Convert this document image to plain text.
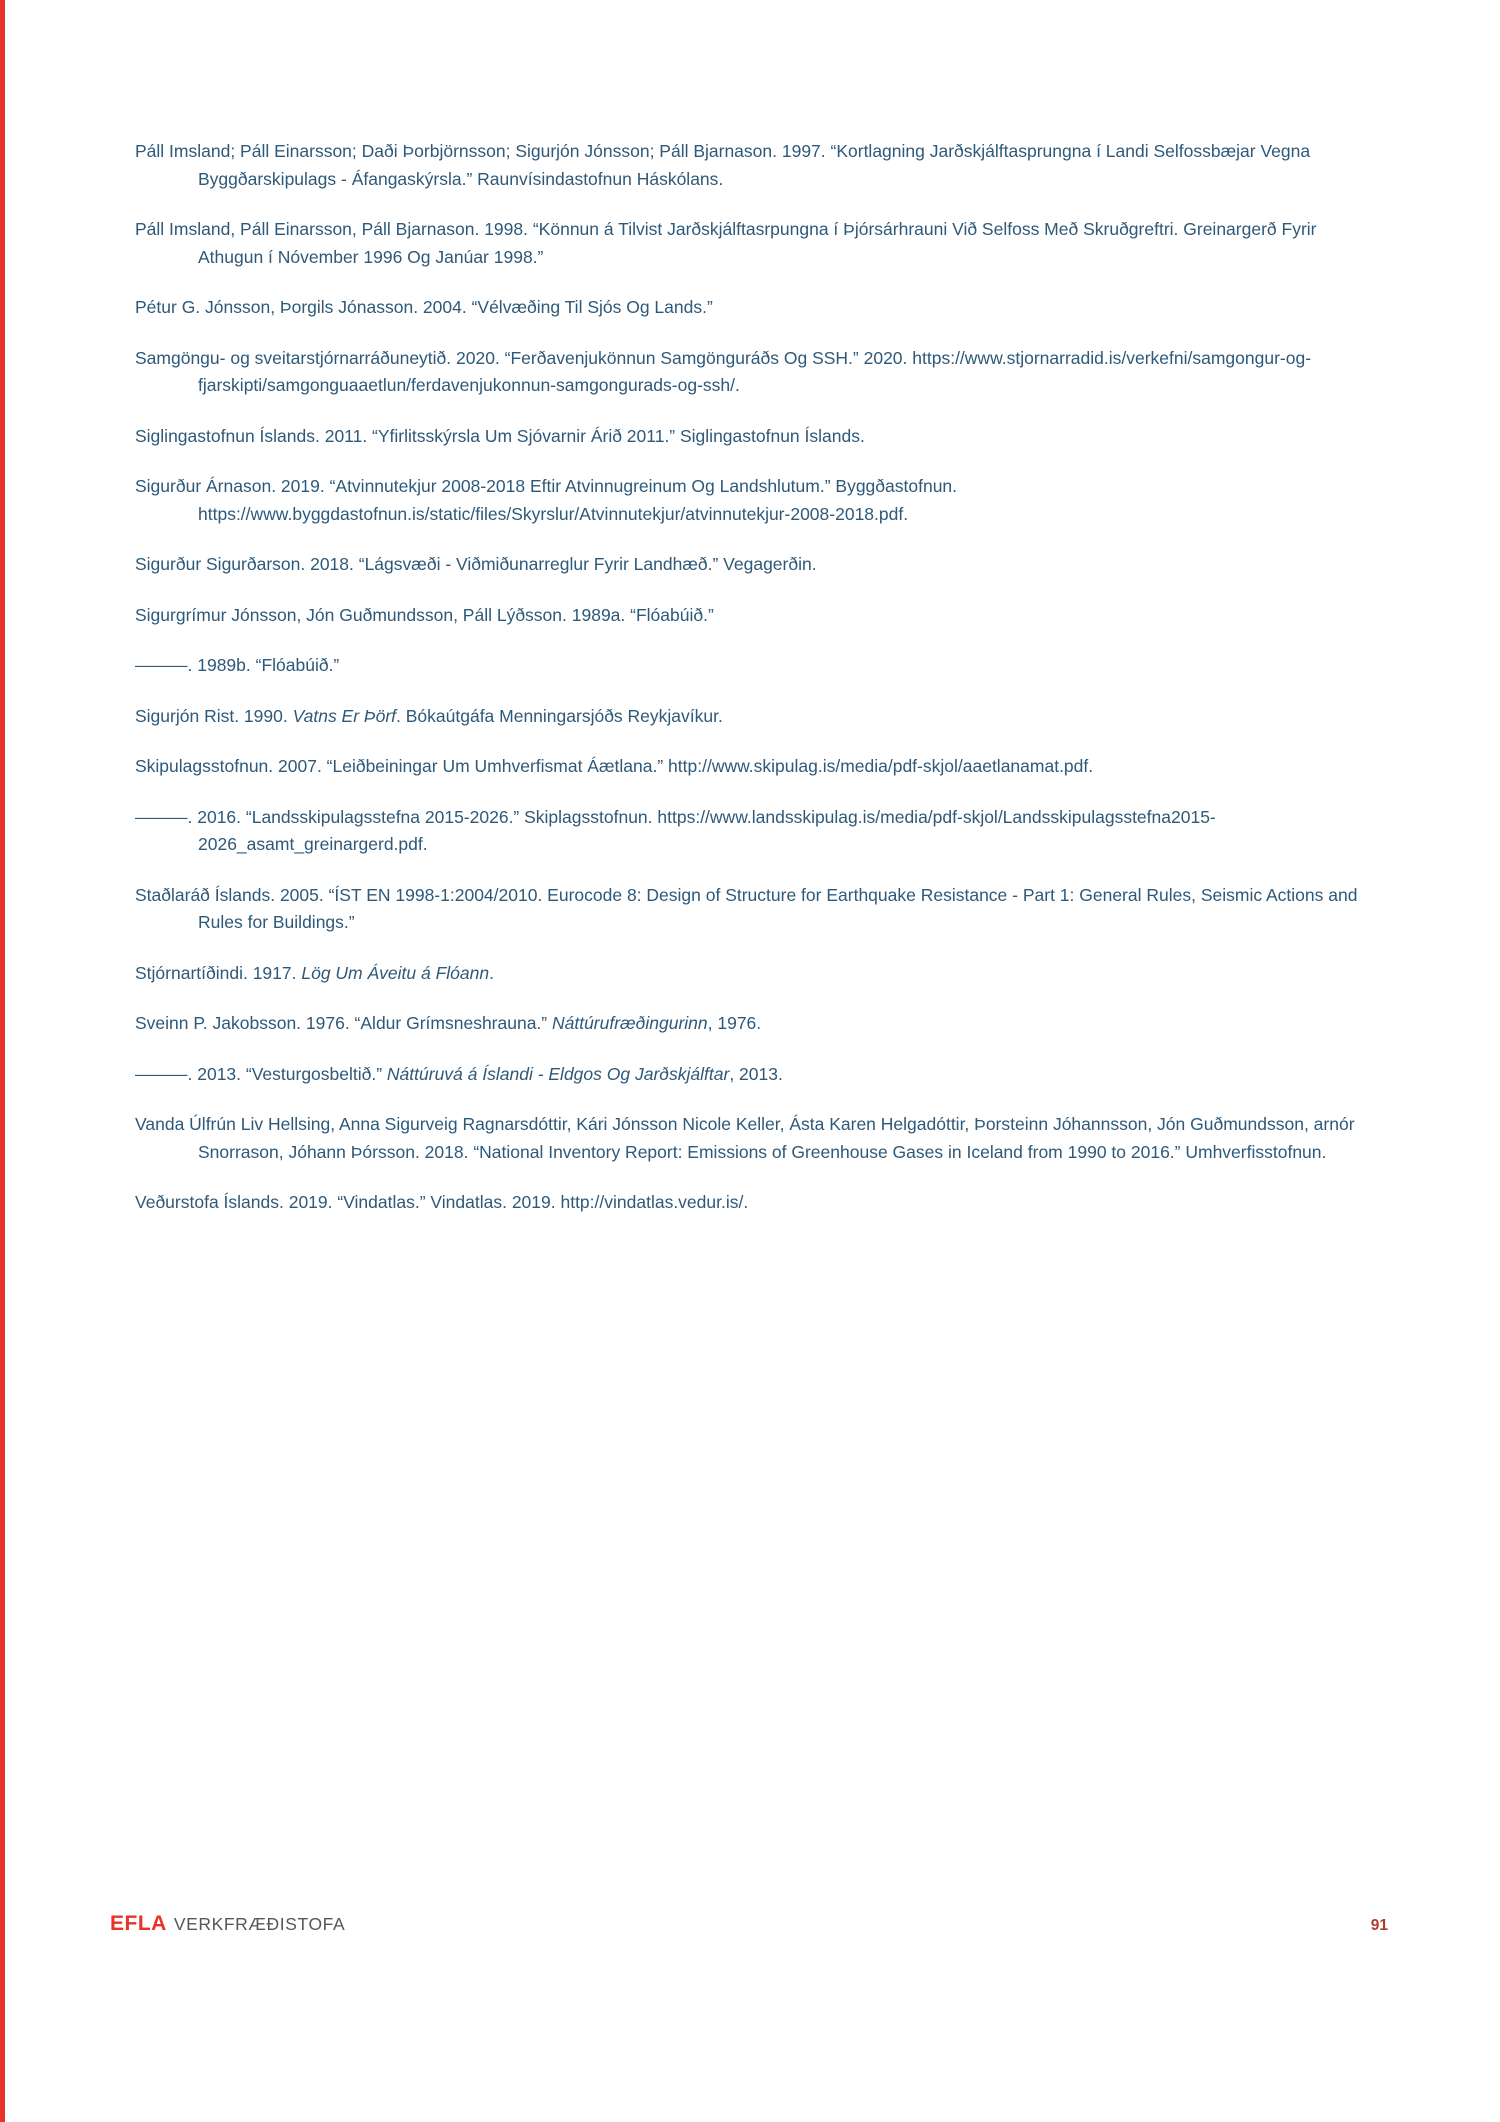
Páll Imsland; Páll Einarsson; Daði Þorbjörnsson; Sigurjón Jónsson; Páll Bjarnason. 1997. “Kortlagning Jarðskjálftasprungna í Landi Selfossbæjar Vegna Byggðarskipulags - Áfangaskýrsla.” Raunvísindastofnun Háskólans.

Páll Imsland, Páll Einarsson, Páll Bjarnason. 1998. “Könnun á Tilvist Jarðskjálftasrpungna í Þjórsárhrauni Við Selfoss Með Skruðgreftri. Greinargerð Fyrir Athugun í Nóvember 1996 Og Janúar 1998.”

Pétur G. Jónsson, Þorgils Jónasson. 2004. “Vélvæðing Til Sjós Og Lands.”

Samgöngu- og sveitarstjórnarráðuneytið. 2020. “Ferðavenjukönnun Samgönguráðs Og SSH.” 2020. https://www.stjornarradid.is/verkefni/samgongur-og-fjarskipti/samgonguaaetlun/ferdavenjukonnun-samgongurads-og-ssh/.

Siglingastofnun Íslands. 2011. “Yfirlitsskýrsla Um Sjóvarnir Árið 2011.” Siglingastofnun Íslands.

Sigurður Árnason. 2019. “Atvinnutekjur 2008-2018 Eftir Atvinnugreinum Og Landshlutum.” Byggðastofnun. https://www.byggdastofnun.is/static/files/Skyrslur/Atvinnutekjur/atvinnutekjur-2008-2018.pdf.

Sigurður Sigurðarson. 2018. “Lágsvæði - Viðmiðunarreglur Fyrir Landhæð.” Vegagerðin.

Sigurgrímur Jónsson, Jón Guðmundsson, Páll Lýðsson. 1989a. “Flóabúið.”

———. 1989b. “Flóabúið.”

Sigurjón Rist. 1990. Vatns Er Þörf. Bókaútgáfa Menningarsjóðs Reykjavíkur.

Skipulagsstofnun. 2007. “Leiðbeiningar Um Umhverfismat Áætlana.” http://www.skipulag.is/media/pdf-skjol/aaetlanamat.pdf.

———. 2016. “Landsskipulagsstefna 2015-2026.” Skiplagsstofnun. https://www.landsskipulag.is/media/pdf-skjol/Landsskipulagsstefna2015-2026_asamt_greinargerd.pdf.

Staðlaráð Íslands. 2005. “ÍST EN 1998-1:2004/2010. Eurocode 8: Design of Structure for Earthquake Resistance - Part 1: General Rules, Seismic Actions and Rules for Buildings.”

Stjórnartíðindi. 1917. Lög Um Áveitu á Flóann.

Sveinn P. Jakobsson. 1976. “Aldur Grímsneshrauna.” Náttúrufræðingurinn, 1976.

———. 2013. “Vesturgosbeltið.” Náttúruvá á Íslandi - Eldgos Og Jarðskjálftar, 2013.

Vanda Úlfrún Liv Hellsing, Anna Sigurveig Ragnarsdóttir, Kári Jónsson Nicole Keller, Ásta Karen Helgadóttir, Þorsteinn Jóhannsson, Jón Guðmundsson, arnór Snorrason, Jóhann Þórsson. 2018. “National Inventory Report: Emissions of Greenhouse Gases in Iceland from 1990 to 2016.” Umhverfisstofnun.

Veðurstofa Íslands. 2019. “Vindatlas.” Vindatlas. 2019. http://vindatlas.vedur.is/.

EFLA VERKFRÆÐISTOFA	91
